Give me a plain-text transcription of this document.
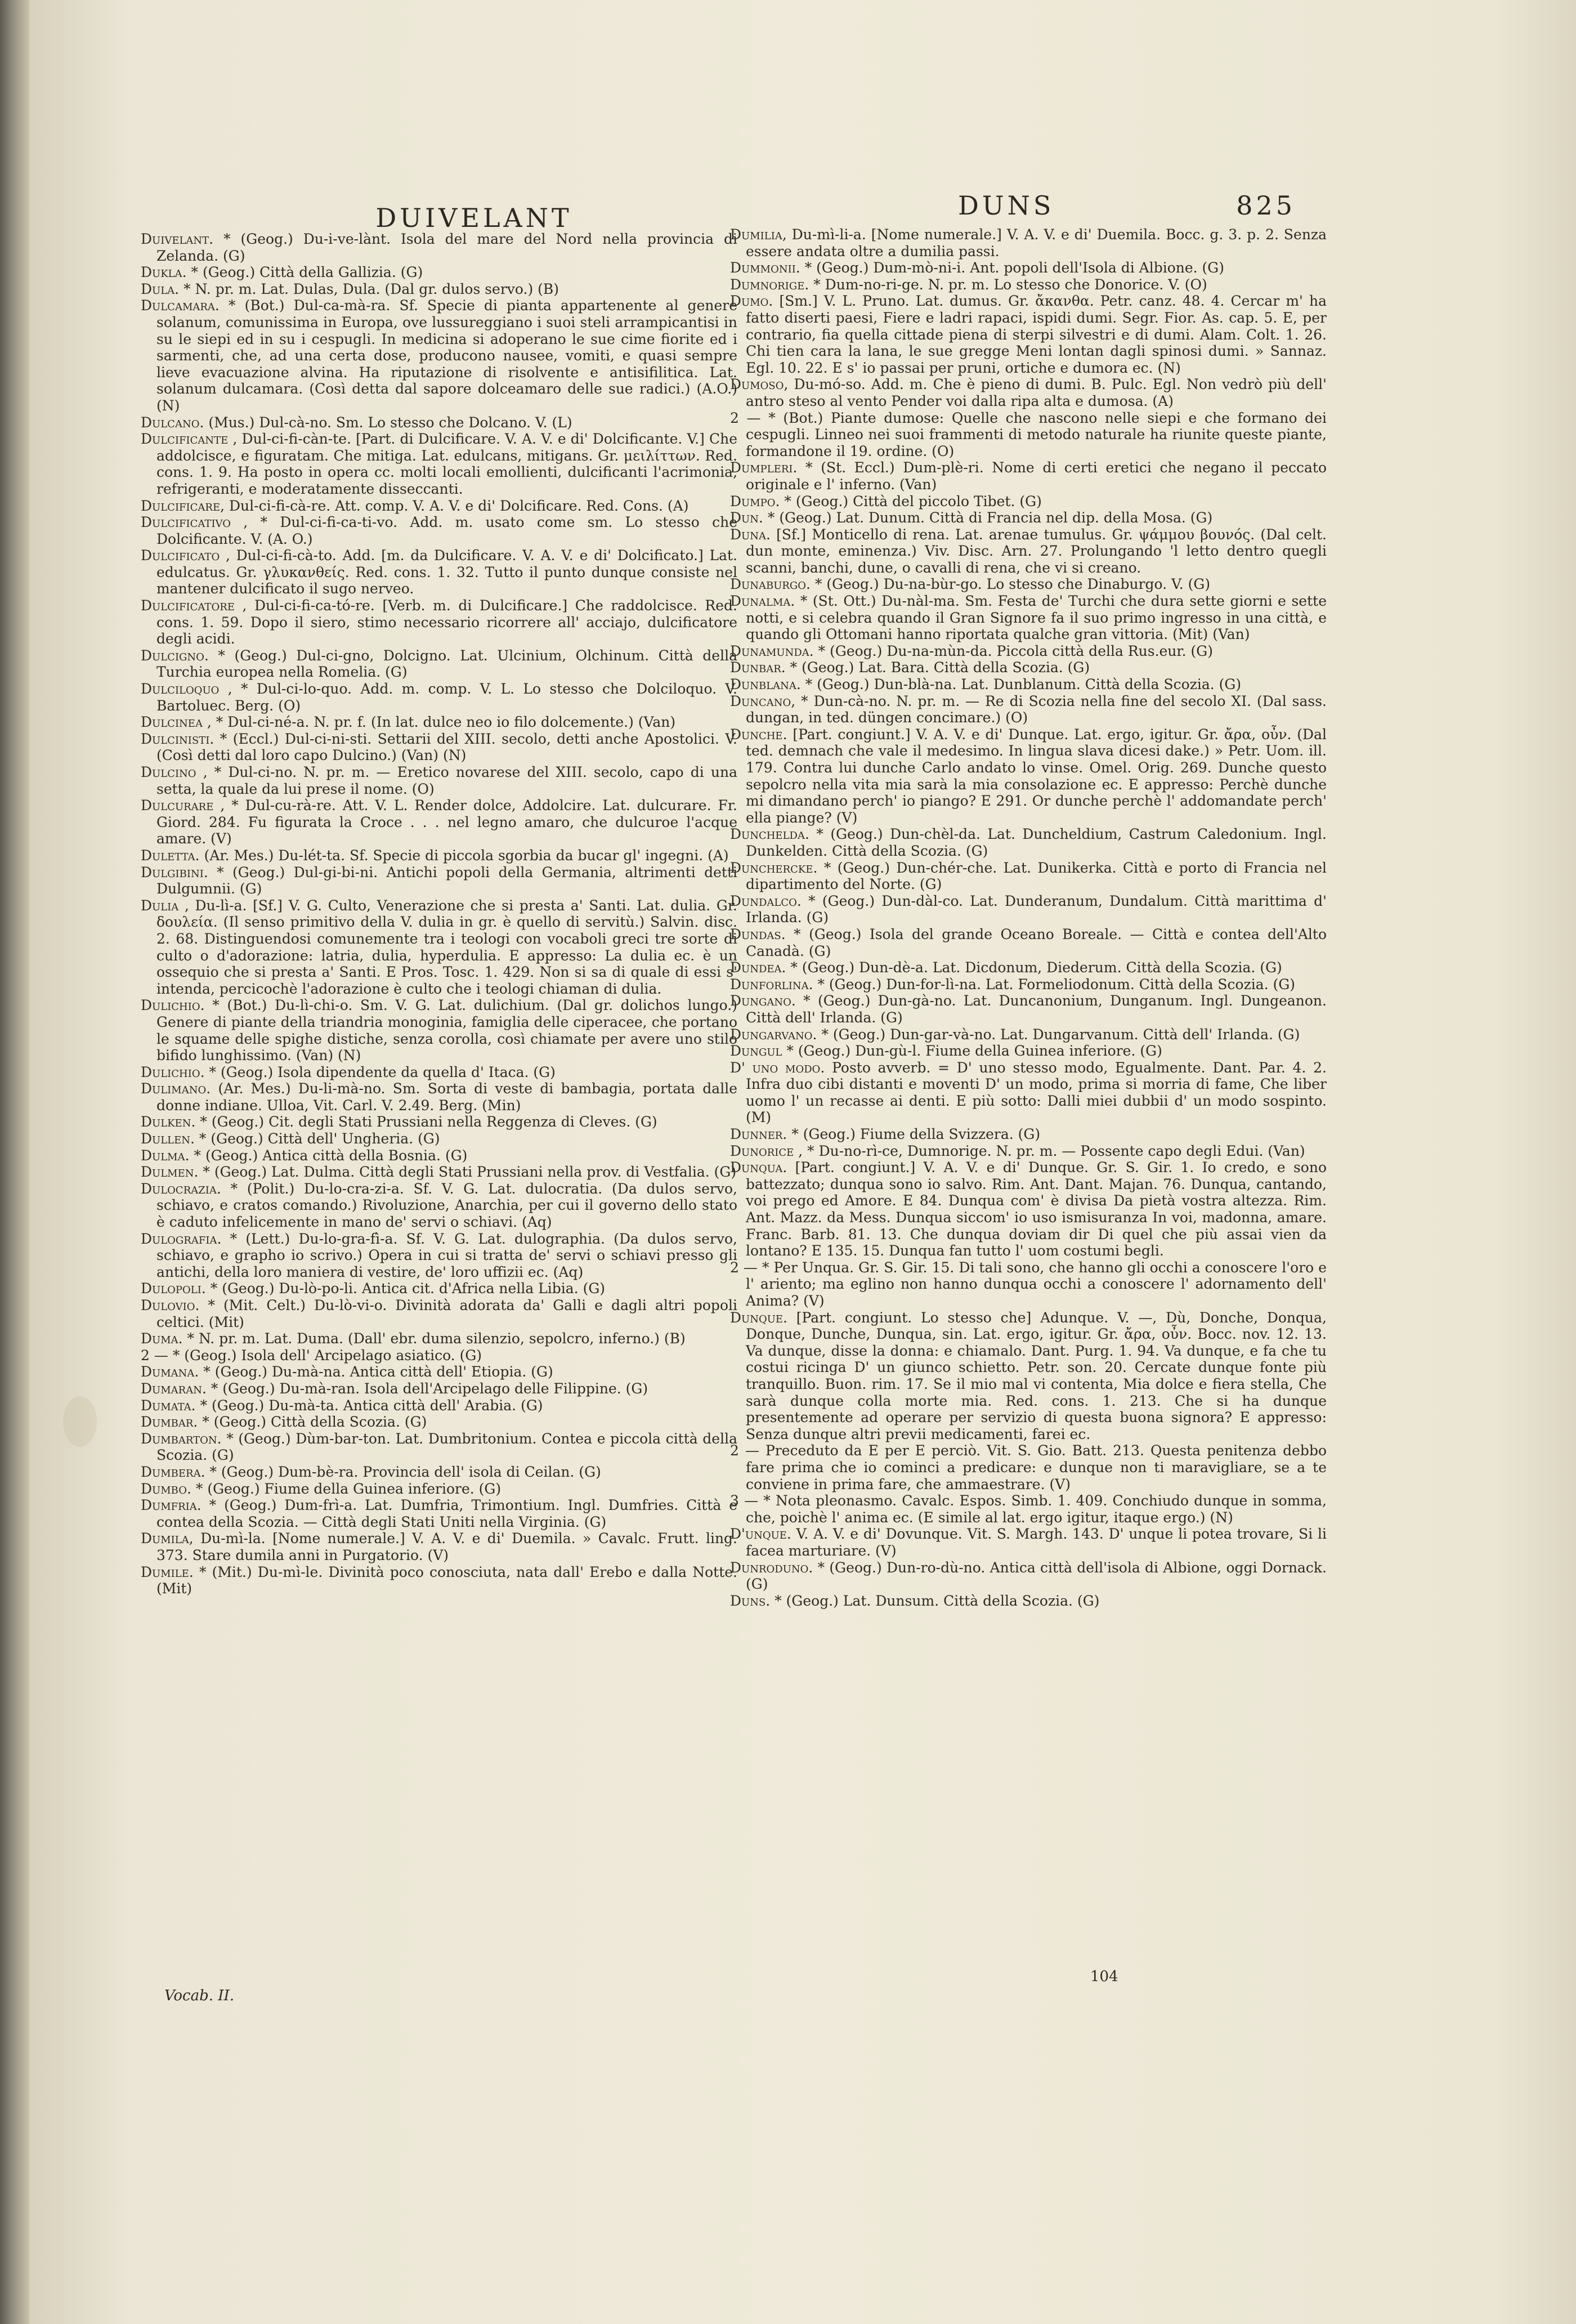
DUIVELANT	DUNS	825

Duivelant. * (Geog.) Du-i-ve-lànt. Isola del mare del Nord nella provincia di Zelanda. (G)

Dukla. * (Geog.) Città della Gallizia. (G)

Dula. * N. pr. m. Lat. Dulas, Dula. (Dal gr. dulos servo.) (B)

Dulcamara. * (Bot.) Dul-ca-mà-ra. Sf. Specie di pianta appartenente al genere solanum, comunissima in Europa, ove lussureggiano i suoi steli arrampicantisi in su le siepi ed in su i cespugli. In medicina si adoperano le sue cime fiorite ed i sarmenti, che, ad una certa dose, producono nausee, vomiti, e quasi sempre lieve evacuazione alvina. Ha riputazione di risolvente e antisifilitica. Lat. solanum dulcamara. (Così detta dal sapore dolceamaro delle sue radici.) (A.O.)(N)

Dulcano. (Mus.) Dul-cà-no. Sm. Lo stesso che Dolcano. V. (L)

Dulcificante , Dul-ci-fi-càn-te. [Part. di Dulcificare. V. A. V. e di' Dolcificante. V.] Che addolcisce, e figuratam. Che mitiga. Lat. edulcans, mitigans. Gr. μειλίττων. Red. cons. 1. 9. Ha posto in opera cc. molti locali emollienti, dulcificanti l'acrimonia, refrigeranti, e moderatamente disseccanti.

Dulcificare, Dul-ci-fi-cà-re. Att. comp. V. A. V. e di' Dolcificare. Red. Cons. (A)

Dulcificativo , * Dul-ci-fi-ca-ti-vo. Add. m. usato come sm. Lo stesso che Dolcificante. V. (A. O.)

Dulcificato , Dul-ci-fi-cà-to. Add. [m. da Dulcificare. V. A. V. e di' Dolcificato.] Lat. edulcatus. Gr. γλυκανθείς. Red. cons. 1. 32. Tutto il punto dunque consiste nel mantener dulcificato il sugo nerveo.

Dulcificatore , Dul-ci-fi-ca-tó-re. [Verb. m. di Dulcificare.] Che raddolcisce. Red. cons. 1. 59. Dopo il siero, stimo necessario ricorrere all' acciajo, dulcificatore degli acidi.

Dulcigno. * (Geog.) Dul-ci-gno, Dolcigno. Lat. Ulcinium, Olchinum. Città della Turchia europea nella Romelia. (G)

Dulciloquo , * Dul-ci-lo-quo. Add. m. comp. V. L. Lo stesso che Dolciloquo. V. Bartoluec. Berg. (O)

Dulcinea , * Dul-ci-né-a. N. pr. f. (In lat. dulce neo io filo dolcemente.) (Van)

Dulcinisti. * (Eccl.) Dul-ci-ni-sti. Settarii del XIII. secolo, detti anche Apostolici. V. (Così detti dal loro capo Dulcino.) (Van) (N)

Dulcino , * Dul-ci-no. N. pr. m. — Eretico novarese del XIII. secolo, capo di una setta, la quale da lui prese il nome. (O)

Dulcurare , * Dul-cu-rà-re. Att. V. L. Render dolce, Addolcire. Lat. dulcurare. Fr. Giord. 284. Fu figurata la Croce . . . nel legno amaro, che dulcuroe l'acque amare. (V)

Duletta. (Ar. Mes.) Du-lét-ta. Sf. Specie di piccola sgorbia da bucar gl' ingegni. (A)

Dulgibini. * (Geog.) Dul-gi-bi-ni. Antichi popoli della Germania, altrimenti detti Dulgumnii. (G)

Dulia , Du-lì-a. [Sf.] V. G. Culto, Venerazione che si presta a' Santi. Lat. dulia. Gr. δουλεία. (Il senso primitivo della V. dulia in gr. è quello di servitù.) Salvin. disc. 2. 68. Distinguendosi comunemente tra i teologi con vocaboli greci tre sorte di culto o d'adorazione: latria, dulia, hyperdulia. E appresso: La dulia ec. è un ossequio che si presta a' Santi. E Pros. Tosc. 1. 429. Non si sa di quale di essi s' intenda, percicochè l'adorazione è culto che i teologi chiaman di dulia.

Dulichio. * (Bot.) Du-lì-chi-o. Sm. V. G. Lat. dulichium. (Dal gr. dolichos lungo.) Genere di piante della triandria monoginia, famiglia delle ciperacee, che portano le squame delle spighe distiche, senza corolla, così chiamate per avere uno stilo bifido lunghissimo. (Van) (N)

Dulichio. * (Geog.) Isola dipendente da quella d' Itaca. (G)

Dulimano. (Ar. Mes.) Du-li-mà-no. Sm. Sorta di veste di bambagia, portata dalle donne indiane. Ulloa, Vit. Carl. V. 2.49. Berg. (Min)

Dulken. * (Geog.) Cit. degli Stati Prussiani nella Reggenza di Cleves. (G)

Dullen. * (Geog.) Città dell' Ungheria. (G)

Dulma. * (Geog.) Antica città della Bosnia. (G)

Dulmen. * (Geog.) Lat. Dulma. Città degli Stati Prussiani nella prov. di Vestfalia. (G)

Dulocrazia. * (Polit.) Du-lo-cra-zi-a. Sf. V. G. Lat. dulocratia. (Da dulos servo, schiavo, e cratos comando.) Rivoluzione, Anarchia, per cui il governo dello stato è caduto infelicemente in mano de' servi o schiavi. (Aq)

Dulografia. * (Lett.) Du-lo-gra-fì-a. Sf. V. G. Lat. dulographia. (Da dulos servo, schiavo, e grapho io scrivo.) Opera in cui si tratta de' servi o schiavi presso gli antichi, della loro maniera di vestire, de' loro uffizii ec. (Aq)

Dulopoli. * (Geog.) Du-lò-po-li. Antica cit. d'Africa nella Libia. (G)

Dulovio. * (Mit. Celt.) Du-lò-vi-o. Divinità adorata da' Galli e dagli altri popoli celtici. (Mit)

Duma. * N. pr. m. Lat. Duma. (Dall' ebr. duma silenzio, sepolcro, inferno.) (B)

2 — * (Geog.) Isola dell' Arcipelago asiatico. (G)

Dumana. * (Geog.) Du-mà-na. Antica città dell' Etiopia. (G)

Dumaran. * (Geog.) Du-mà-ran. Isola dell'Arcipelago delle Filippine. (G)

Dumata. * (Geog.) Du-mà-ta. Antica città dell' Arabia. (G)

Dumbar. * (Geog.) Città della Scozia. (G)

Dumbarton. * (Geog.) Dùm-bar-ton. Lat. Dumbritonium. Contea e piccola città della Scozia. (G)

Dumbera. * (Geog.) Dum-bè-ra. Provincia dell' isola di Ceilan. (G)

Dumbo. * (Geog.) Fiume della Guinea inferiore. (G)

Dumfria. * (Geog.) Dum-frì-a. Lat. Dumfria, Trimontium. Ingl. Dumfries. Città e contea della Scozia. — Città degli Stati Uniti nella Virginia. (G)

Dumila, Du-mì-la. [Nome numerale.] V. A. V. e di' Duemila. » Cavalc. Frutt. ling. 373. Stare dumila anni in Purgatorio. (V)

Dumile. * (Mit.) Du-mì-le. Divinità poco conosciuta, nata dall' Erebo e dalla Notte. (Mit)

Dumilia, Du-mì-li-a. [Nome numerale.] V. A. V. e di' Duemila. Bocc. g. 3. p. 2. Senza essere andata oltre a dumilia passi.

Dummonii. * (Geog.) Dum-mò-ni-i. Ant. popoli dell'Isola di Albione. (G)

Dumnorige. * Dum-no-ri-ge. N. pr. m. Lo stesso che Donorice. V. (O)

Dumo. [Sm.] V. L. Pruno. Lat. dumus. Gr. ἄκανθα. Petr. canz. 48. 4. Cercar m' ha fatto diserti paesi, Fiere e ladri rapaci, ispidi dumi. Segr. Fior. As. cap. 5. E, per contrario, fia quella cittade piena di sterpi silvestri e di dumi. Alam. Colt. 1. 26. Chi tien cara la lana, le sue gregge Meni lontan dagli spinosi dumi. » Sannaz. Egl. 10. 22. E s' io passai per pruni, ortiche e dumora ec. (N)

Dumoso, Du-mó-so. Add. m. Che è pieno di dumi. B. Pulc. Egl. Non vedrò più dell' antro steso al vento Pender voi dalla ripa alta e dumosa. (A)

2 — * (Bot.) Piante dumose: Quelle che nascono nelle siepi e che formano dei cespugli. Linneo nei suoi frammenti di metodo naturale ha riunite queste piante, formandone il 19. ordine. (O)

Dumpleri. * (St. Eccl.) Dum-plè-ri. Nome di certi eretici che negano il peccato originale e l' inferno. (Van)

Dumpo. * (Geog.) Città del piccolo Tibet. (G)

Dun. * (Geog.) Lat. Dunum. Città di Francia nel dip. della Mosa. (G)

Duna. [Sf.] Monticello di rena. Lat. arenae tumulus. Gr. ψάμμου βουνός. (Dal celt. dun monte, eminenza.) Viv. Disc. Arn. 27. Prolungando 'l letto dentro quegli scanni, banchi, dune, o cavalli di rena, che vi si creano.

Dunaburgo. * (Geog.) Du-na-bùr-go. Lo stesso che Dinaburgo. V. (G)

Dunalma. * (St. Ott.) Du-nàl-ma. Sm. Festa de' Turchi che dura sette giorni e sette notti, e si celebra quando il Gran Signore fa il suo primo ingresso in una città, e quando gli Ottomani hanno riportata qualche gran vittoria. (Mit) (Van)

Dunamunda. * (Geog.) Du-na-mùn-da. Piccola città della Rus.eur. (G)

Dunbar. * (Geog.) Lat. Bara. Città della Scozia. (G)

Dunblana. * (Geog.) Dun-blà-na. Lat. Dunblanum. Città della Scozia. (G)

Duncano, * Dun-cà-no. N. pr. m. — Re di Scozia nella fine del secolo XI. (Dal sass. dungan, in ted. düngen concimare.) (O)

Dunche. [Part. congiunt.] V. A. V. e di' Dunque. Lat. ergo, igitur. Gr. ἄρα, οὖν. (Dal ted. demnach che vale il medesimo. In lingua slava dicesi dake.) » Petr. Uom. ill. 179. Contra lui dunche Carlo andato lo vinse. Omel. Orig. 269. Dunche questo sepolcro nella vita mia sarà la mia consolazione ec. E appresso: Perchè dunche mi dimandano perch' io piango? E 291. Or dunche perchè l' addomandate perch' ella piange? (V)

Dunchelda. * (Geog.) Dun-chèl-da. Lat. Duncheldium, Castrum Caledonium. Ingl. Dunkelden. Città della Scozia. (G)

Dunchercke. * (Geog.) Dun-chér-che. Lat. Dunikerka. Città e porto di Francia nel dipartimento del Norte. (G)

Dundalco. * (Geog.) Dun-dàl-co. Lat. Dunderanum, Dundalum. Città marittima d' Irlanda. (G)

Dundas. * (Geog.) Isola del grande Oceano Boreale. — Città e contea dell'Alto Canadà. (G)

Dundea. * (Geog.) Dun-dè-a. Lat. Dicdonum, Diederum. Città della Scozia. (G)

Dunforlina. * (Geog.) Dun-for-lì-na. Lat. Formeliodonum. Città della Scozia. (G)

Dungano. * (Geog.) Dun-gà-no. Lat. Duncanonium, Dunganum. Ingl. Dungeanon. Città dell' Irlanda. (G)

Dungarvano. * (Geog.) Dun-gar-và-no. Lat. Dungarvanum. Città dell' Irlanda. (G)

Dungul * (Geog.) Dun-gù-l. Fiume della Guinea inferiore. (G)

D' uno modo. Posto avverb. = D' uno stesso modo, Egualmente. Dant. Par. 4. 2. Infra duo cibi distanti e moventi D' un modo, prima si morria di fame, Che liber uomo l' un recasse ai denti. E più sotto: Dalli miei dubbii d' un modo sospinto. (M)

Dunner. * (Geog.) Fiume della Svizzera. (G)

Dunorice , * Du-no-rì-ce, Dumnorige. N. pr. m. — Possente capo degli Edui. (Van)

Dunqua. [Part. congiunt.] V. A. V. e di' Dunque. Gr. S. Gir. 1. Io credo, e sono battezzato; dunqua sono io salvo. Rim. Ant. Dant. Majan. 76. Dunqua, cantando, voi prego ed Amore. E 84. Dunqua com' è divisa Da pietà vostra altezza. Rim. Ant. Mazz. da Mess. Dunqua siccom' io uso ismisuranza In voi, madonna, amare. Franc. Barb. 81. 13. Che dunqua doviam dir Di quel che più assai vien da lontano? E 135. 15. Dunqua fan tutto l' uom costumi begli.

2 — * Per Unqua. Gr. S. Gir. 15. Di tali sono, che hanno gli occhi a conoscere l'oro e l' ariento; ma eglino non hanno dunqua occhi a conoscere l' adornamento dell' Anima? (V)

Dunque. [Part. congiunt. Lo stesso che] Adunque. V. —, Dù, Donche, Donqua, Donque, Dunche, Dunqua, sin. Lat. ergo, igitur. Gr. ἄρα, οὖν. Bocc. nov. 12. 13. Va dunque, disse la donna: e chiamalo. Dant. Purg. 1. 94. Va dunque, e fa che tu costui ricinga D' un giunco schietto. Petr. son. 20. Cercate dunque fonte più tranquillo. Buon. rim. 17. Se il mio mal vi contenta, Mia dolce e fiera stella, Che sarà dunque colla morte mia. Red. cons. 1. 213. Che si ha dunque presentemente ad operare per servizio di questa buona signora? E appresso: Senza dunque altri previi medicamenti, farei ec.

2 — Preceduto da E per E perciò. Vit. S. Gio. Batt. 213. Questa penitenza debbo fare prima che io cominci a predicare: e dunque non ti maravigliare, se a te conviene in prima fare, che ammaestrare. (V)

3 — * Nota pleonasmo. Cavalc. Espos. Simb. 1. 409. Conchiudo dunque in somma, che, poichè l' anima ec. (E simile al lat. ergo igitur, itaque ergo.) (N)

D'unque. V. A. V. e di' Dovunque. Vit. S. Margh. 143. D' unque li potea trovare, Si li facea marturiare. (V)

Dunroduno. * (Geog.) Dun-ro-dù-no. Antica città dell'isola di Albione, oggi Dornack. (G)

Duns. * (Geog.) Lat. Dunsum. Città della Scozia. (G)

Vocab. II.
104
